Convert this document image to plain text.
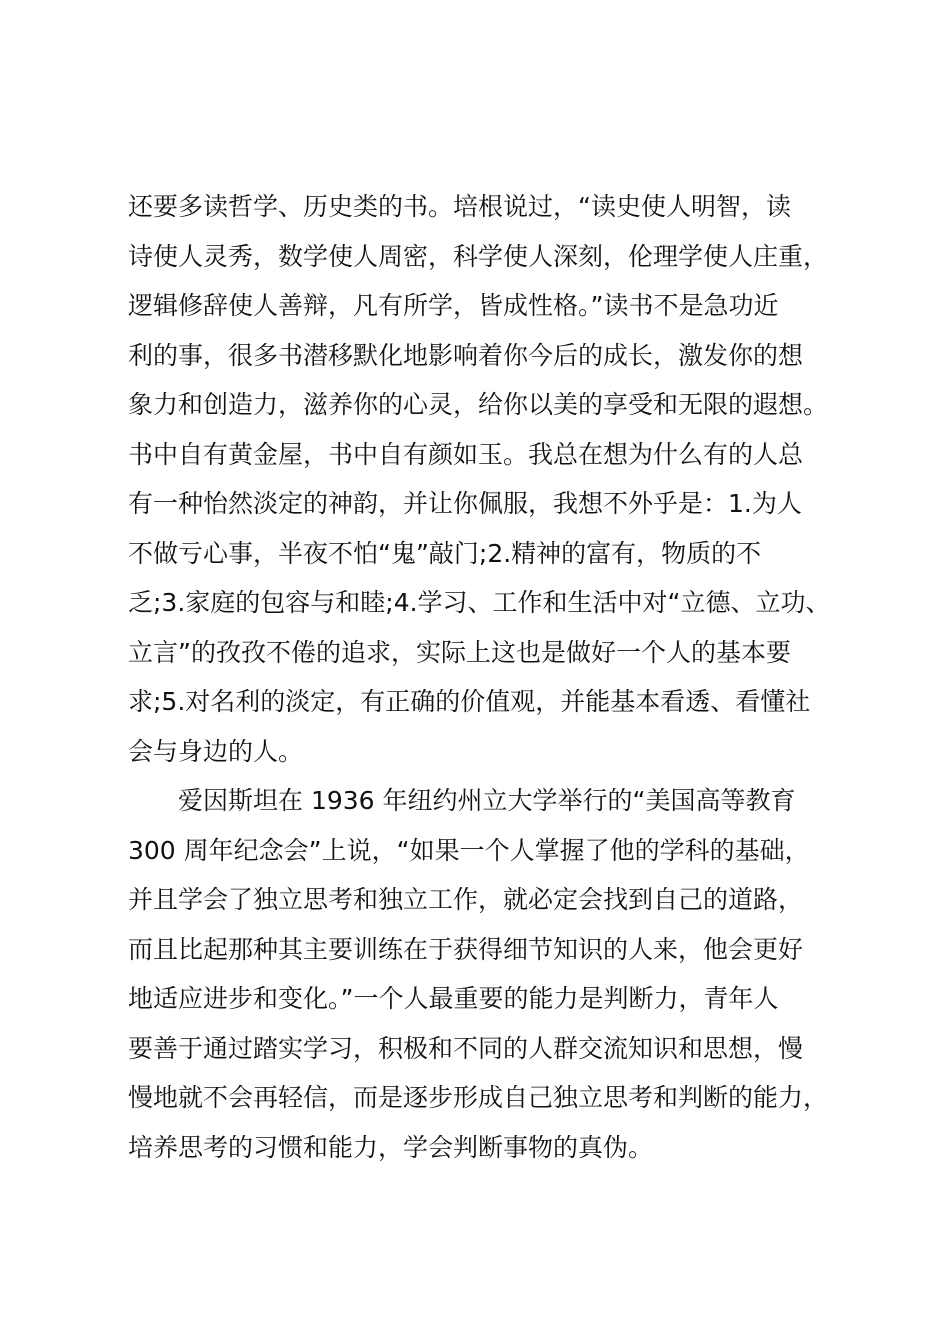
还要多读哲学、历史类的书。培根说过，“读史使人明智，读
诗使人灵秀，数学使人周密，科学使人深刻，伦理学使人庄重，
逻辑修辞使人善辩，凡有所学，皆成性格。”读书不是急功近
利的事，很多书潜移默化地影响着你今后的成长，激发你的想
象力和创造力，滋养你的心灵，给你以美的享受和无限的遐想。
书中自有黄金屋，书中自有颜如玉。我总在想为什么有的人总
有一种怡然淡定的神韵，并让你佩服，我想不外乎是：1.为人
不做亏心事，半夜不怕“鬼”敲门;2.精神的富有，物质的不
乏;3.家庭的包容与和睦;4.学习、工作和生活中对“立德、立功、
立言”的孜孜不倦的追求，实际上这也是做好一个人的基本要
求;5.对名利的淡定，有正确的价值观，并能基本看透、看懂社
会与身边的人。
爱因斯坦在 1936 年纽约州立大学举行的“美国高等教育
300 周年纪念会”上说，“如果一个人掌握了他的学科的基础，
并且学会了独立思考和独立工作，就必定会找到自己的道路，
而且比起那种其主要训练在于获得细节知识的人来，他会更好
地适应进步和变化。”一个人最重要的能力是判断力，青年人
要善于通过踏实学习，积极和不同的人群交流知识和思想，慢
慢地就不会再轻信，而是逐步形成自己独立思考和判断的能力，
培养思考的习惯和能力，学会判断事物的真伪。
